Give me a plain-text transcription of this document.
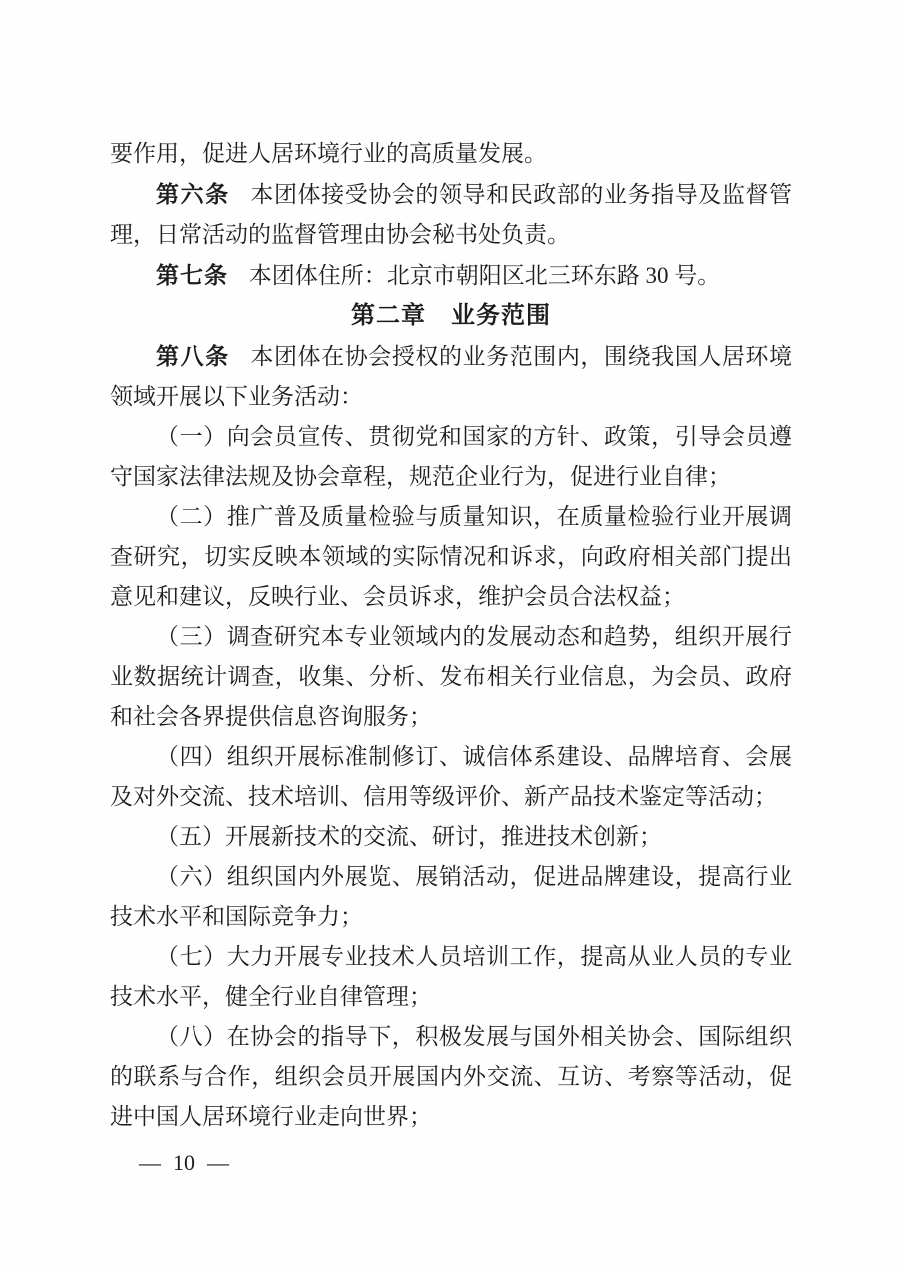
要作用，促进人居环境行业的高质量发展。

第六条 本团体接受协会的领导和民政部的业务指导及监督管理，日常活动的监督管理由协会秘书处负责。

第七条 本团体住所：北京市朝阳区北三环东路 30 号。

第二章　业务范围

第八条 本团体在协会授权的业务范围内，围绕我国人居环境领域开展以下业务活动：

（一）向会员宣传、贯彻党和国家的方针、政策，引导会员遵守国家法律法规及协会章程，规范企业行为，促进行业自律；

（二）推广普及质量检验与质量知识，在质量检验行业开展调查研究，切实反映本领域的实际情况和诉求，向政府相关部门提出意见和建议，反映行业、会员诉求，维护会员合法权益；

（三）调查研究本专业领域内的发展动态和趋势，组织开展行业数据统计调查，收集、分析、发布相关行业信息，为会员、政府和社会各界提供信息咨询服务；

（四）组织开展标准制修订、诚信体系建设、品牌培育、会展及对外交流、技术培训、信用等级评价、新产品技术鉴定等活动；

（五）开展新技术的交流、研讨，推进技术创新；

（六）组织国内外展览、展销活动，促进品牌建设，提高行业技术水平和国际竞争力；

（七）大力开展专业技术人员培训工作，提高从业人员的专业技术水平，健全行业自律管理；

（八）在协会的指导下，积极发展与国外相关协会、国际组织的联系与合作，组织会员开展国内外交流、互访、考察等活动，促进中国人居环境行业走向世界；

— 10 —
